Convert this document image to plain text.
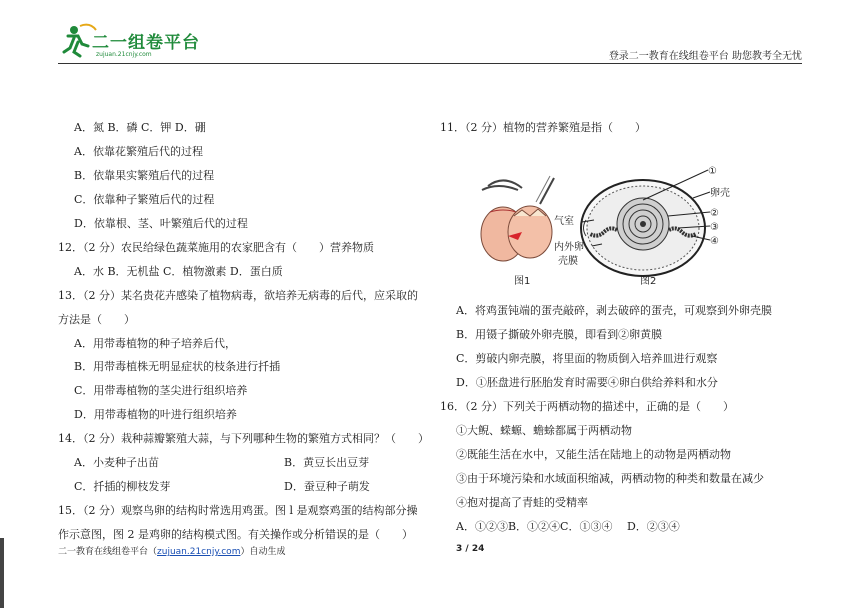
二一组卷平台
zujuan.21cnjy.com	登录二一教育在线组卷平台 助您教考全无忧
A．氮 B．磷 C．钾 D．硼
A．依靠花繁殖后代的过程
B．依靠果实繁殖后代的过程
C．依靠种子繁殖后代的过程
D．依靠根、茎、叶繁殖后代的过程
12．（2 分）农民给绿色蔬菜施用的农家肥含有（　　）营养物质
A．水 B．无机盐 C．植物激素 D．蛋白质
13．（2 分）某名贵花卉感染了植物病毒，欲培养无病毒的后代，应采取的
方法是（　　）
A．用带毒植物的种子培养后代，
B．用带毒植株无明显症状的枝条进行扦插
C．用带毒植物的茎尖进行组织培养
D．用带毒植物的叶进行组织培养
14．（2 分）栽种蒜瓣繁殖大蒜，与下列哪种生物的繁殖方式相同？（　　）
A．小麦种子出苗	B．黄豆长出豆芽
C．扦插的柳枝发芽	D．蚕豆种子萌发
15．（2 分）观察鸟卵的结构时常选用鸡蛋。图 l 是观察鸡蛋的结构部分操
作示意图，图 2 是鸡卵的结构模式图。有关操作或分析错误的是（　　）
11．（2 分）植物的营养繁殖是指（　　）
图1
气室
内外卵
壳膜
①
卵壳
②
③
④
图2
A．将鸡蛋钝端的蛋壳敲碎，剥去破碎的蛋壳，可观察到外卵壳膜
B．用镊子撕破外卵壳膜，即看到②卵黄膜
C．剪破内卵壳膜，将里面的物质倒入培养皿进行观察
D．①胚盘进行胚胎发育时需要④卵白供给养料和水分
16．（2 分）下列关于两栖动物的描述中，正确的是（　　）
①大鲵、蝾螈、蟾蜍都属于两栖动物
②既能生活在水中，又能生活在陆地上的动物是两栖动物
③由于环境污染和水域面积缩减，两栖动物的种类和数量在减少
④抱对提高了青蛙的受精率
A．①②③B．①②④C．①③④　 D．②③④
二一教育在线组卷平台（zujuan.21cnjy.com）自动生成	3 / 24
